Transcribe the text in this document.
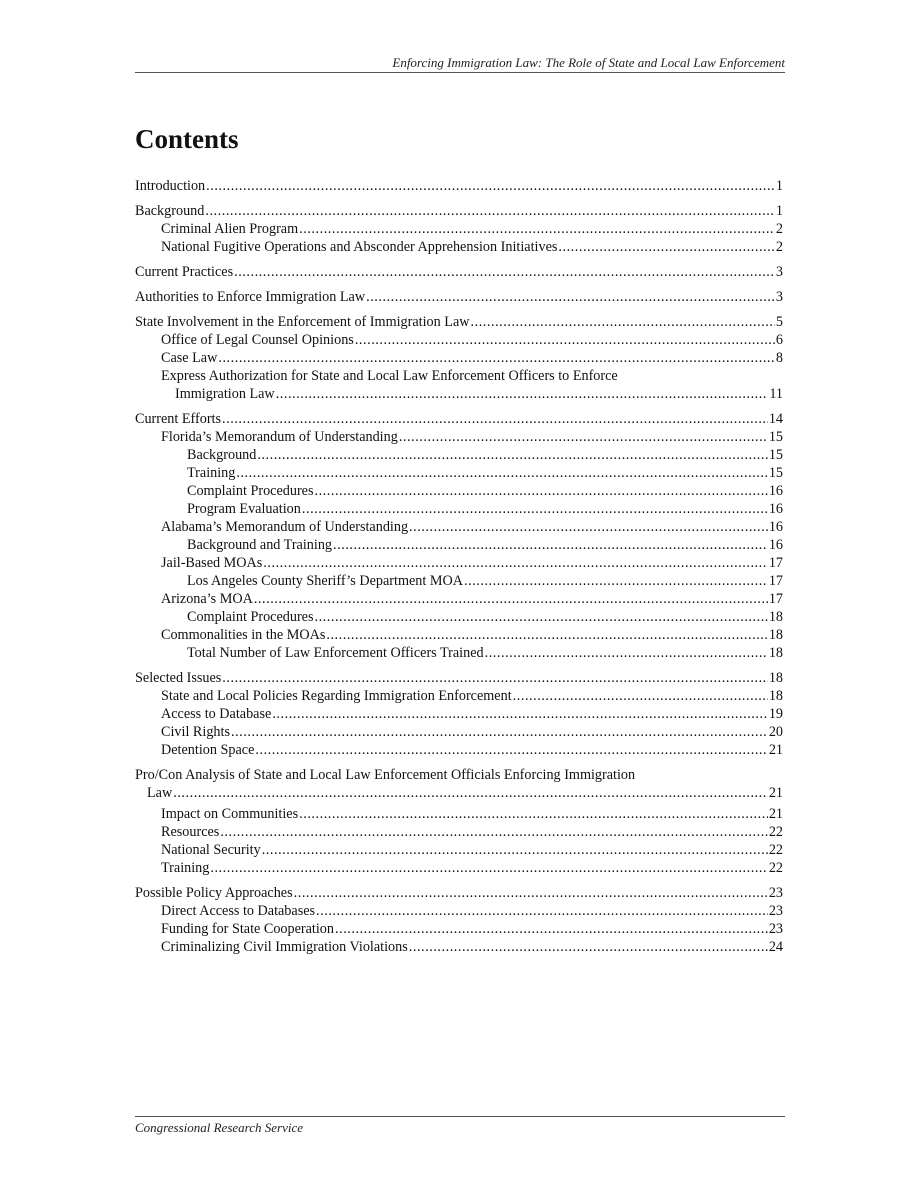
Enforcing Immigration Law: The Role of State and Local Law Enforcement
Contents
Introduction . . .	1
Background . . .	1
Criminal Alien Program . . .	2
National Fugitive Operations and Absconder Apprehension Initiatives . . .	2
Current Practices . . .	3
Authorities to Enforce Immigration Law . . .	3
State Involvement in the Enforcement of Immigration Law . . .	5
Office of Legal Counsel Opinions . . .	6
Case Law . . .	8
Express Authorization for State and Local Law Enforcement Officers to Enforce
Immigration Law . . .	11
Current Efforts . . .	14
Florida’s Memorandum of Understanding . . .	15
Background . . .	15
Training . . .	15
Complaint Procedures . . .	16
Program Evaluation . . .	16
Alabama’s Memorandum of Understanding . . .	16
Background and Training . . .	16
Jail-Based MOAs . . .	17
Los Angeles County Sheriff’s Department MOA . . .	17
Arizona’s MOA . . .	17
Complaint Procedures . . .	18
Commonalities in the MOAs . . .	18
Total Number of Law Enforcement Officers Trained . . .	18
Selected Issues . . .	18
State and Local Policies Regarding Immigration Enforcement . . .	18
Access to Database . . .	19
Civil Rights . . .	20
Detention Space . . .	21
Pro/Con Analysis of State and Local Law Enforcement Officials Enforcing Immigration
Law . . .	21
Impact on Communities . . .	21
Resources . . .	22
National Security . . .	22
Training . . .	22
Possible Policy Approaches . . .	23
Direct Access to Databases . . .	23
Funding for State Cooperation . . .	23
Criminalizing Civil Immigration Violations . . .	24
Congressional Research Service
